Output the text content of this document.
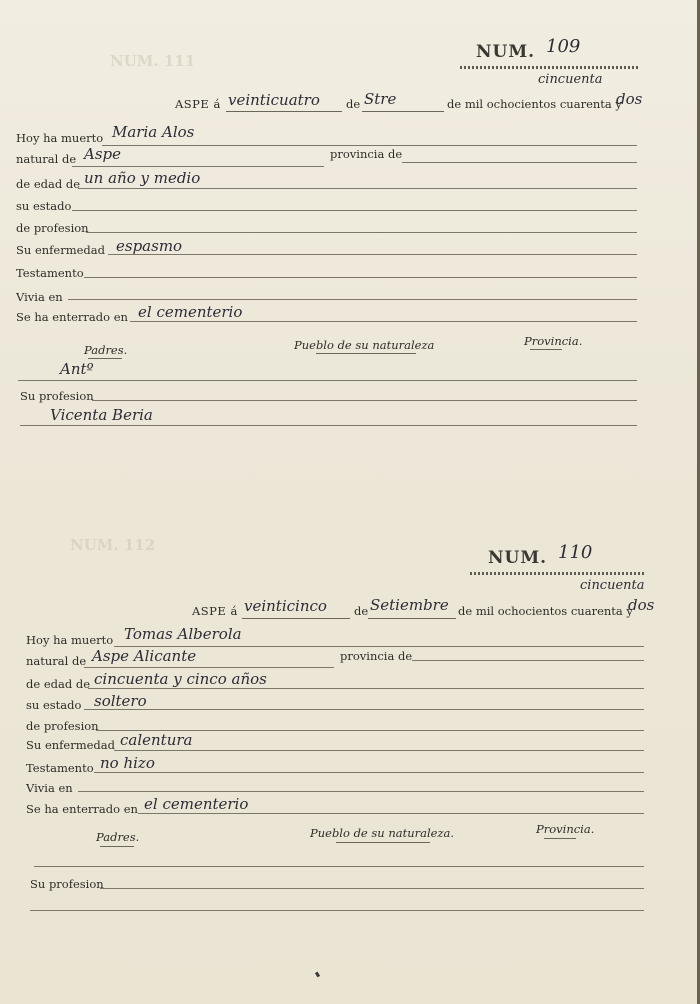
NUM. 111
NUM. 112
NUM. 109
cincuenta
ASPE á veinticuatro de Stre	de mil ochocientos cuarenta y
dos
Hoy ha muerto Maria Alos
natural de Aspe	provincia de
de edad de un año y medio
su estado
de profesion
Su enfermedad espasmo
Testamento
Vivia en
Se ha enterrado en el cementerio
Padres.	Pueblo de su naturaleza	Provincia.
Antº
Su profesion
Vicenta Beria
NUM. 110
cincuenta
ASPE á veinticinco de Setiembre de mil ochocientos cuarenta y
dos
Hoy ha muerto Tomas Alberola
natural de Aspe Alicante	provincia de
de edad de cincuenta y cinco años
su estado soltero
de profesion
Su enfermedad calentura
Testamento no hizo
Vivia en
Se ha enterrado en el cementerio
Padres.	Pueblo de su naturaleza.	Provincia.
Su profesion
